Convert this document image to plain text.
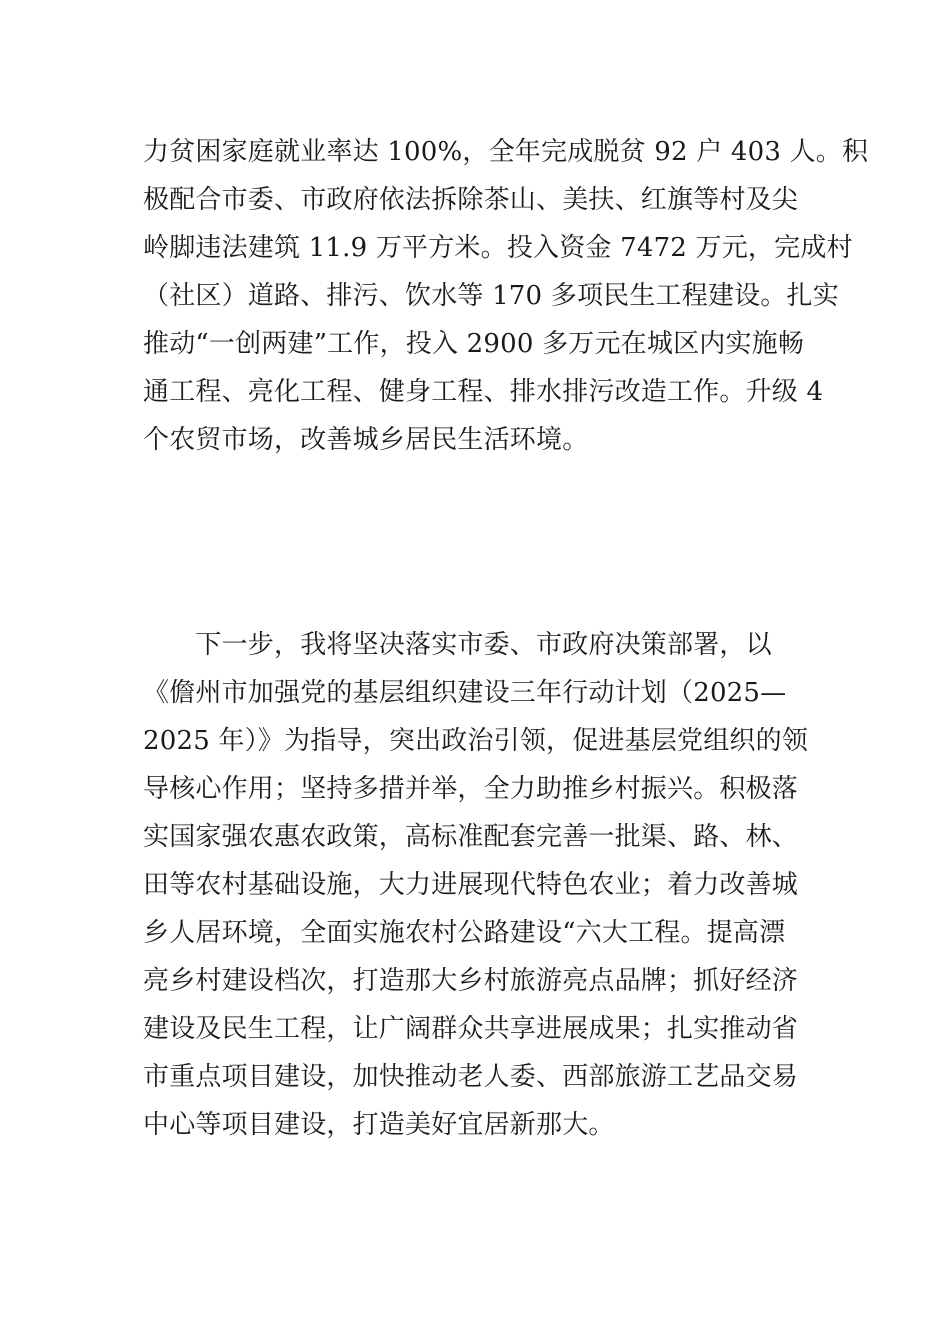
力贫困家庭就业率达 100%，全年完成脱贫 92 户 403 人。积
极配合市委、市政府依法拆除茶山、美扶、红旗等村及尖
岭脚违法建筑 11.9 万平方米。投入资金 7472 万元，完成村
（社区）道路、排污、饮水等 170 多项民生工程建设。扎实
推动“一创两建”工作，投入 2900 多万元在城区内实施畅
通工程、亮化工程、健身工程、排水排污改造工作。升级 4
个农贸市场，改善城乡居民生活环境。
　　下一步，我将坚决落实市委、市政府决策部署，以
《儋州市加强党的基层组织建设三年行动计划（2025—
2025 年）》为指导，突出政治引领，促进基层党组织的领
导核心作用；坚持多措并举，全力助推乡村振兴。积极落
实国家强农惠农政策，高标准配套完善一批渠、路、林、
田等农村基础设施，大力进展现代特色农业；着力改善城
乡人居环境，全面实施农村公路建设“六大工程。提高漂
亮乡村建设档次，打造那大乡村旅游亮点品牌；抓好经济
建设及民生工程，让广阔群众共享进展成果；扎实推动省
市重点项目建设，加快推动老人委、西部旅游工艺品交易
中心等项目建设，打造美好宜居新那大。
